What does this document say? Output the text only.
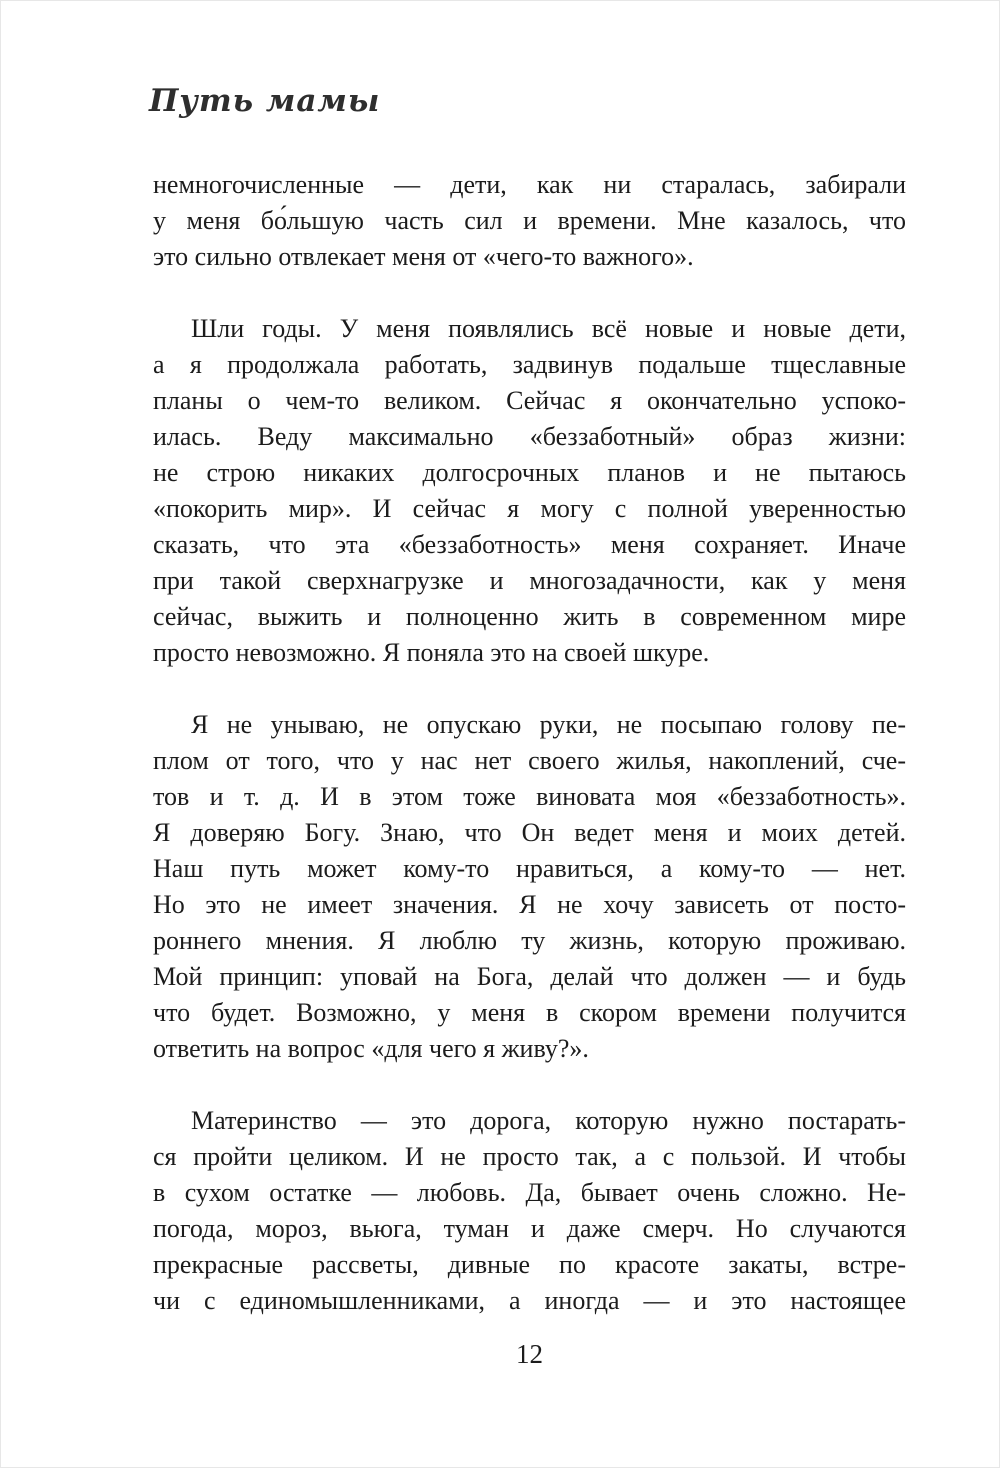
Путь мамы
немногочисленные — дети, как ни старалась, забирали
у меня бо́льшую часть сил и времени. Мне казалось, что
это сильно отвлекает меня от «чего-то важного».
Шли годы. У меня появлялись всё новые и новые дети,
а я продолжала работать, задвинув подальше тщеславные
планы о чем-то великом. Сейчас я окончательно успоко-
илась. Веду максимально «беззаботный» образ жизни:
не строю никаких долгосрочных планов и не пытаюсь
«покорить мир». И сейчас я могу с полной уверенностью
сказать, что эта «беззаботность» меня сохраняет. Иначе
при такой сверхнагрузке и многозадачности, как у меня
сейчас, выжить и полноценно жить в современном мире
просто невозможно. Я поняла это на своей шкуре.
Я не унываю, не опускаю руки, не посыпаю голову пе-
плом от того, что у нас нет своего жилья, накоплений, сче-
тов и т. д. И в этом тоже виновата моя «беззаботность».
Я доверяю Богу. Знаю, что Он ведет меня и моих детей.
Наш путь может кому-то нравиться, а кому-то — нет.
Но это не имеет значения. Я не хочу зависеть от посто-
роннего мнения. Я люблю ту жизнь, которую проживаю.
Мой принцип: уповай на Бога, делай что должен — и будь
что будет. Возможно, у меня в скором времени получится
ответить на вопрос «для чего я живу?».
Материнство — это дорога, которую нужно постарать-
ся пройти целиком. И не просто так, а с пользой. И чтобы
в сухом остатке — любовь. Да, бывает очень сложно. Не-
погода, мороз, вьюга, туман и даже смерч. Но случаются
прекрасные рассветы, дивные по красоте закаты, встре-
чи с единомышленниками, а иногда — и это настоящее
12
